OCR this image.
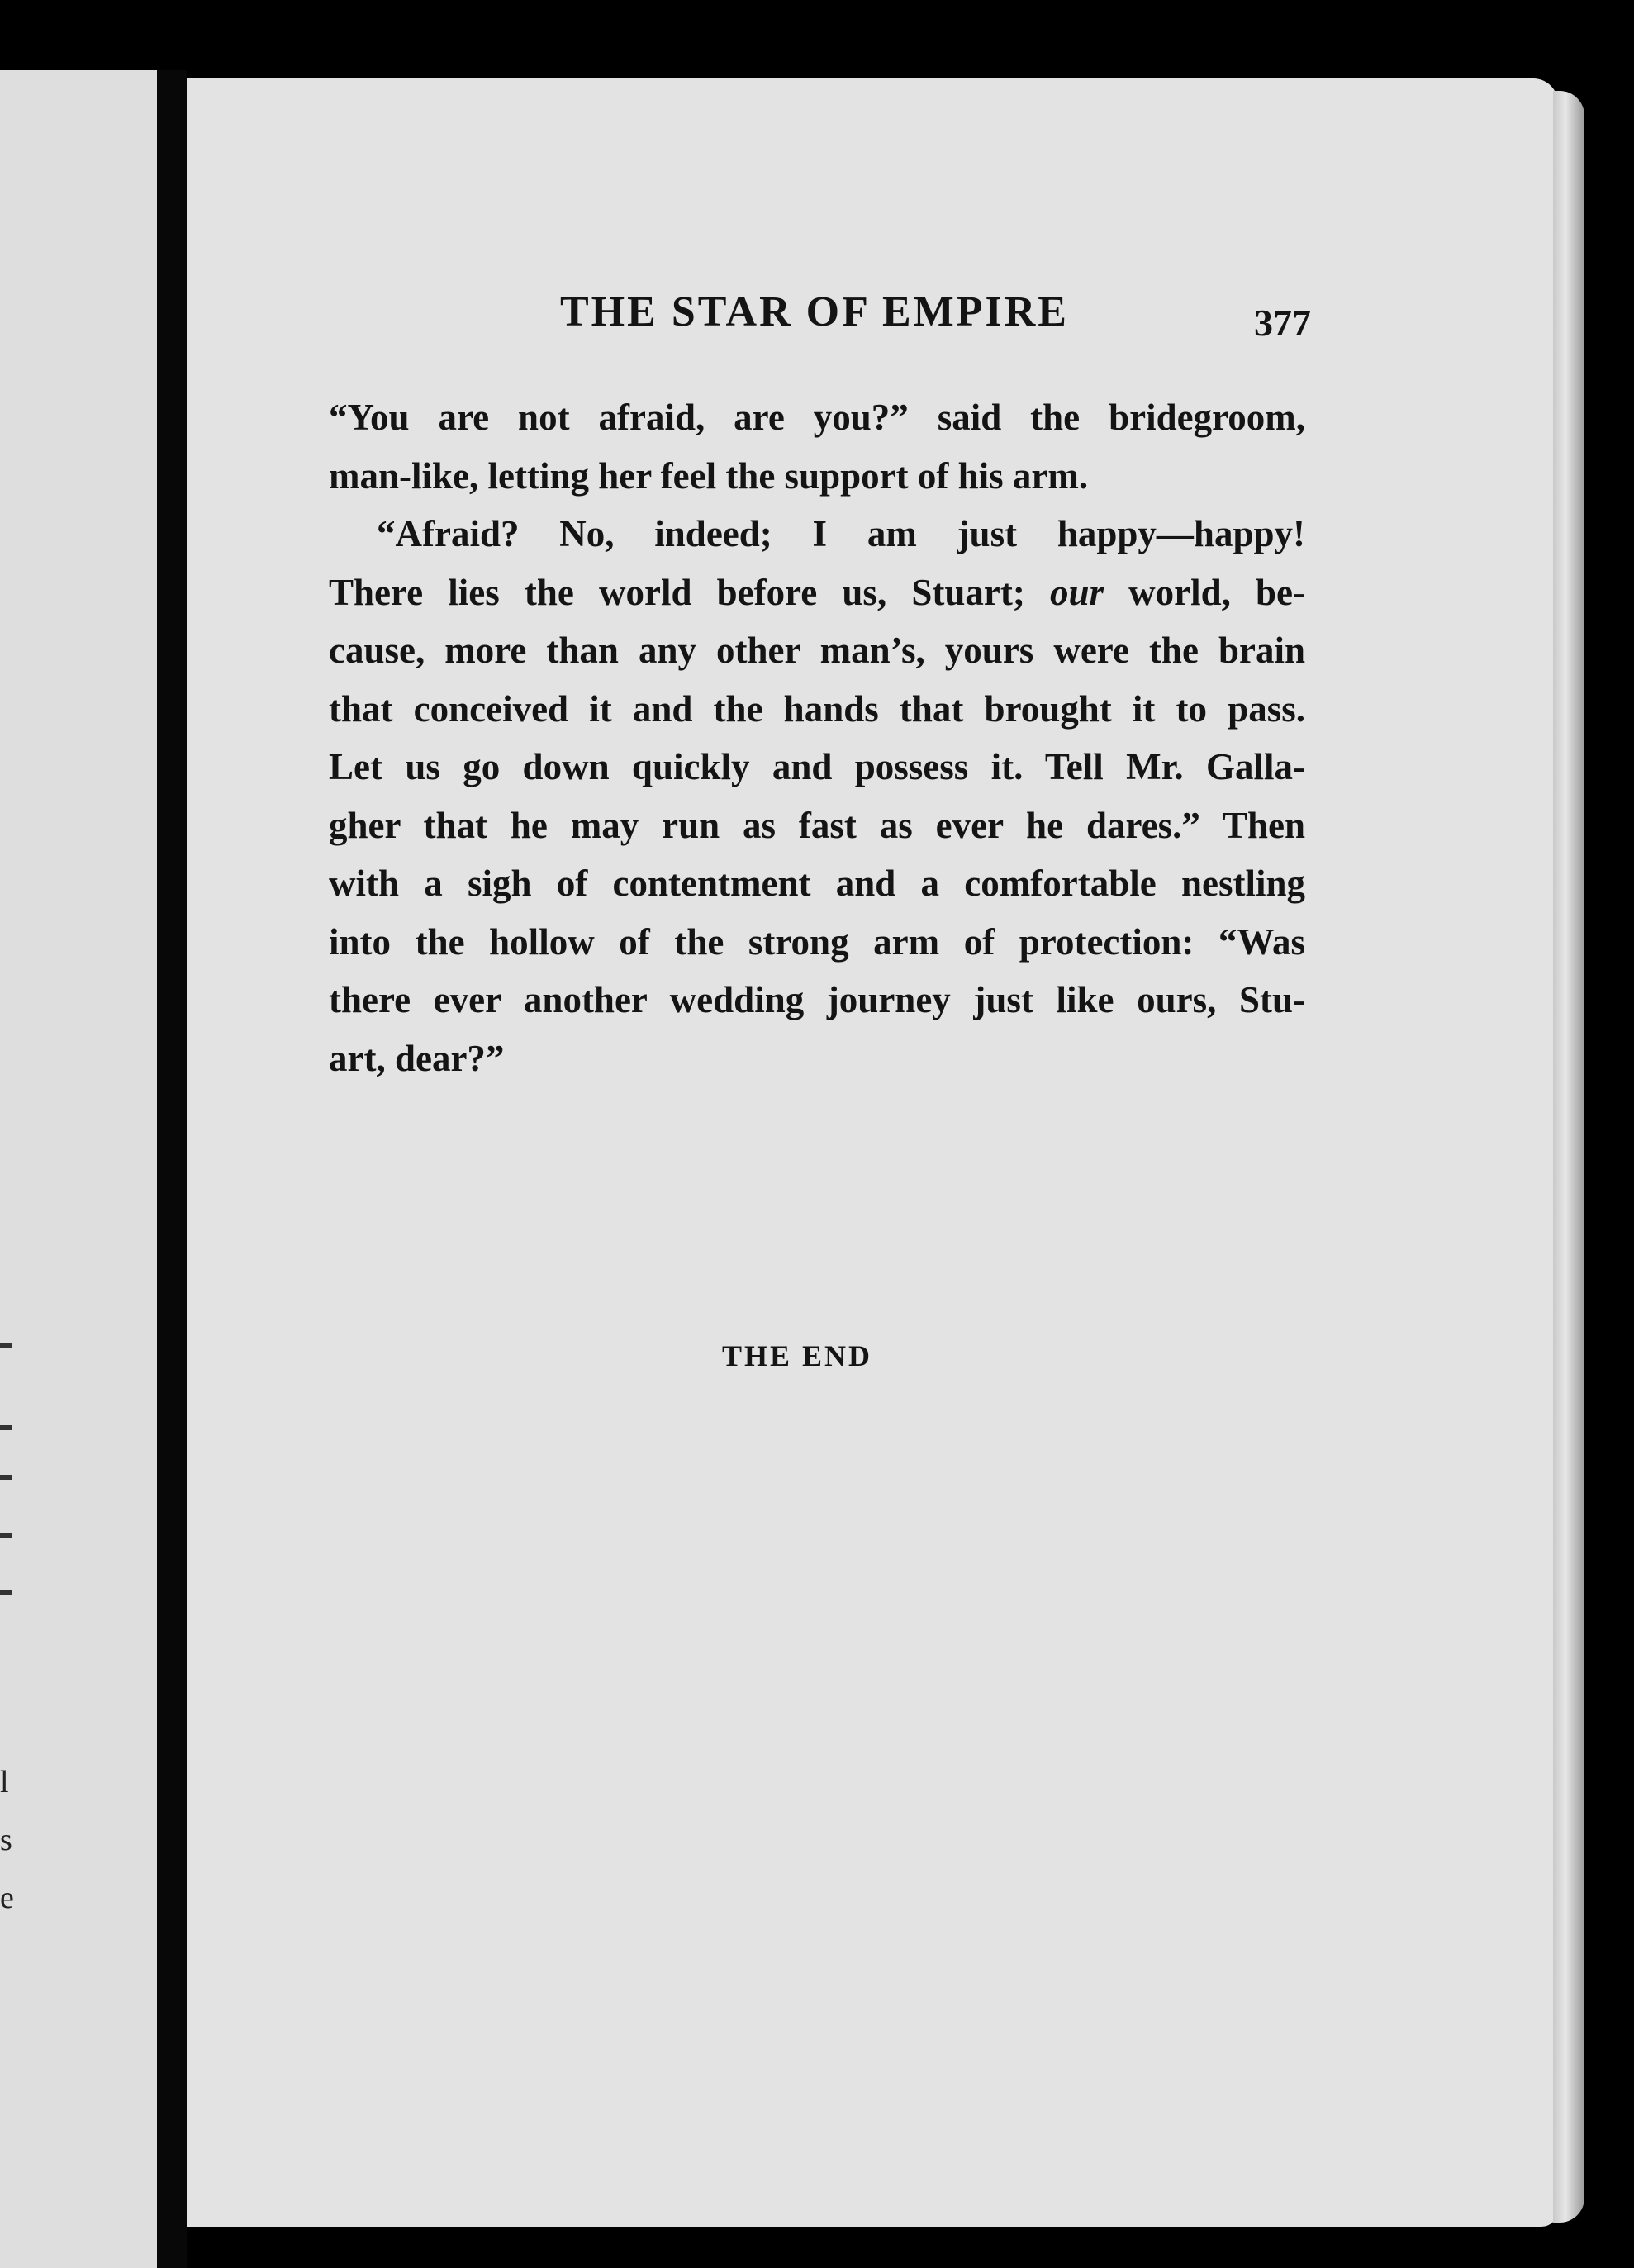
l
s
e
THE STAR OF EMPIRE	377
“You are not afraid, are you?” said the bridegroom,
man-like, letting her feel the support of his arm.
“Afraid? No, indeed; I am just happy—happy!
There lies the world before us, Stuart; our world, be-
cause, more than any other man’s, yours were the brain
that conceived it and the hands that brought it to pass.
Let us go down quickly and possess it. Tell Mr. Galla-
gher that he may run as fast as ever he dares.” Then
with a sigh of contentment and a comfortable nestling
into the hollow of the strong arm of protection: “Was
there ever another wedding journey just like ours, Stu-
art, dear?”
THE END
